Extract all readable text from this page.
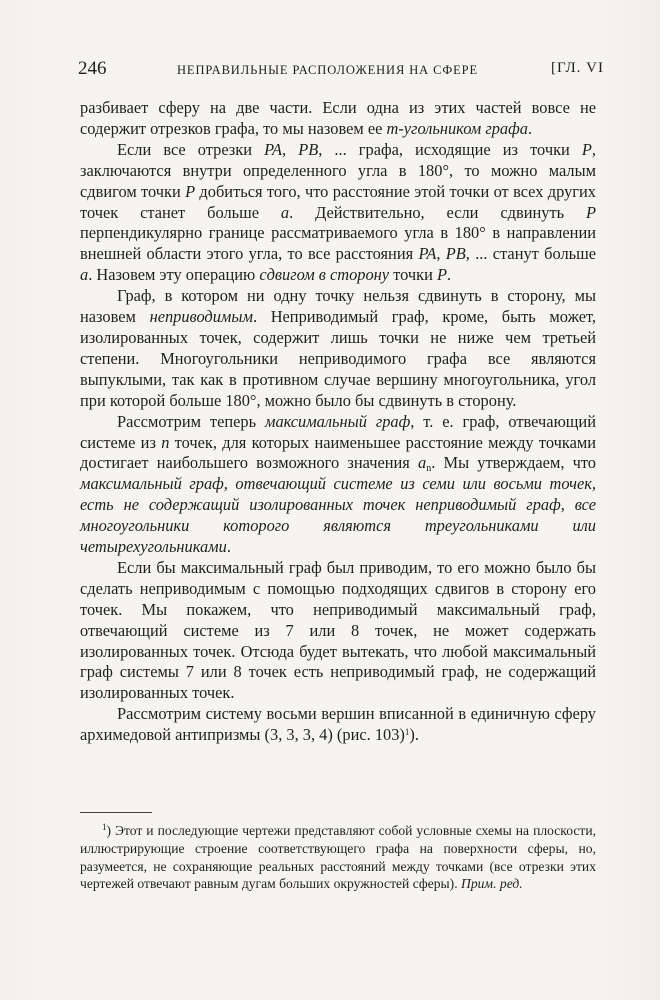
246	НЕПРАВИЛЬНЫЕ РАСПОЛОЖЕНИЯ НА СФЕРЕ	[ГЛ. VI

разбивает сферу на две части. Если одна из этих частей вовсе не содержит отрезков графа, то мы назовем ее m-угольником графа.

Если все отрезки PA, PB, ... графа, исходящие из точки P, заключаются внутри определенного угла в 180°, то можно малым сдвигом точки P добиться того, что расстояние этой точки от всех других точек станет больше a. Действительно, если сдвинуть P перпендикулярно границе рассматриваемого угла в 180° в направлении внешней области этого угла, то все расстояния PA, PB, ... станут больше a. Назовем эту операцию сдвигом в сторону точки P.

Граф, в котором ни одну точку нельзя сдвинуть в сторону, мы назовем неприводимым. Неприводимый граф, кроме, быть может, изолированных точек, содержит лишь точки не ниже чем третьей степени. Многоугольники неприводимого графа все являются выпуклыми, так как в противном случае вершину многоугольника, угол при которой больше 180°, можно было бы сдвинуть в сторону.

Рассмотрим теперь максимальный граф, т. е. граф, отвечающий системе из n точек, для которых наименьшее расстояние между точками достигает наибольшего возможного значения $a_n$. Мы утверждаем, что максимальный граф, отвечающий системе из семи или восьми точек, есть не содержащий изолированных точек неприводимый граф, все многоугольники которого являются треугольниками или четырехугольниками.

Если бы максимальный граф был приводим, то его можно было бы сделать неприводимым с помощью подходящих сдвигов в сторону его точек. Мы покажем, что неприводимый максимальный граф, отвечающий системе из 7 или 8 точек, не может содержать изолированных точек. Отсюда будет вытекать, что любой максимальный граф системы 7 или 8 точек есть неприводимый граф, не содержащий изолированных точек.

Рассмотрим систему восьми вершин вписанной в единичную сферу архимедовой антипризмы (3, 3, 3, 4) (рис. 103)$^1$).

$^1$) Этот и последующие чертежи представляют собой условные схемы на плоскости, иллюстрирующие строение соответствующего графа на поверхности сферы, но, разумеется, не сохраняющие реальных расстояний между точками (все отрезки этих чертежей отвечают равным дугам больших окружностей сферы). Прим. ред.
